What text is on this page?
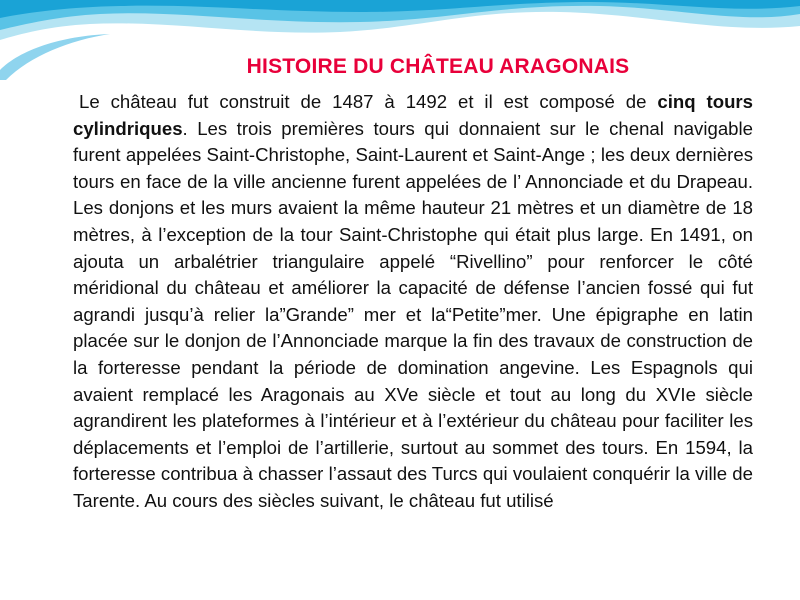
HISTOIRE DU CHÂTEAU ARAGONAIS

Le château fut construit de 1487 à 1492 et il est composé de cinq tours cylindriques. Les trois premières tours qui donnaient sur le chenal navigable furent appelées Saint-Christophe, Saint-Laurent et Saint-Ange ; les deux dernières tours en face de la ville ancienne furent appelées de l’ Annonciade et du Drapeau. Les donjons et les murs avaient la même hauteur 21 mètres et un diamètre de 18 mètres, à l’exception de la tour Saint-Christophe qui était plus large. En 1491, on ajouta un arbalétrier triangulaire appelé “Rivellino” pour renforcer le côté méridional du château et améliorer la capacité de défense l’ancien fossé qui fut agrandi jusqu’à relier la”Grande” mer et la“Petite”mer. Une épigraphe en latin placée sur le donjon de l’Annonciade marque la fin des travaux de construction de la forteresse pendant la période de domination angevine. Les Espagnols qui avaient remplacé les Aragonais au XVe siècle et tout au long du XVIe siècle agrandirent les plateformes à l’intérieur et à l’extérieur du château pour faciliter les déplacements et l’emploi de l’artillerie, surtout au sommet des tours. En 1594, la forteresse contribua à chasser l’assaut des Turcs qui voulaient conquérir la ville de Tarente. Au cours des siècles suivant, le château fut utilisé
